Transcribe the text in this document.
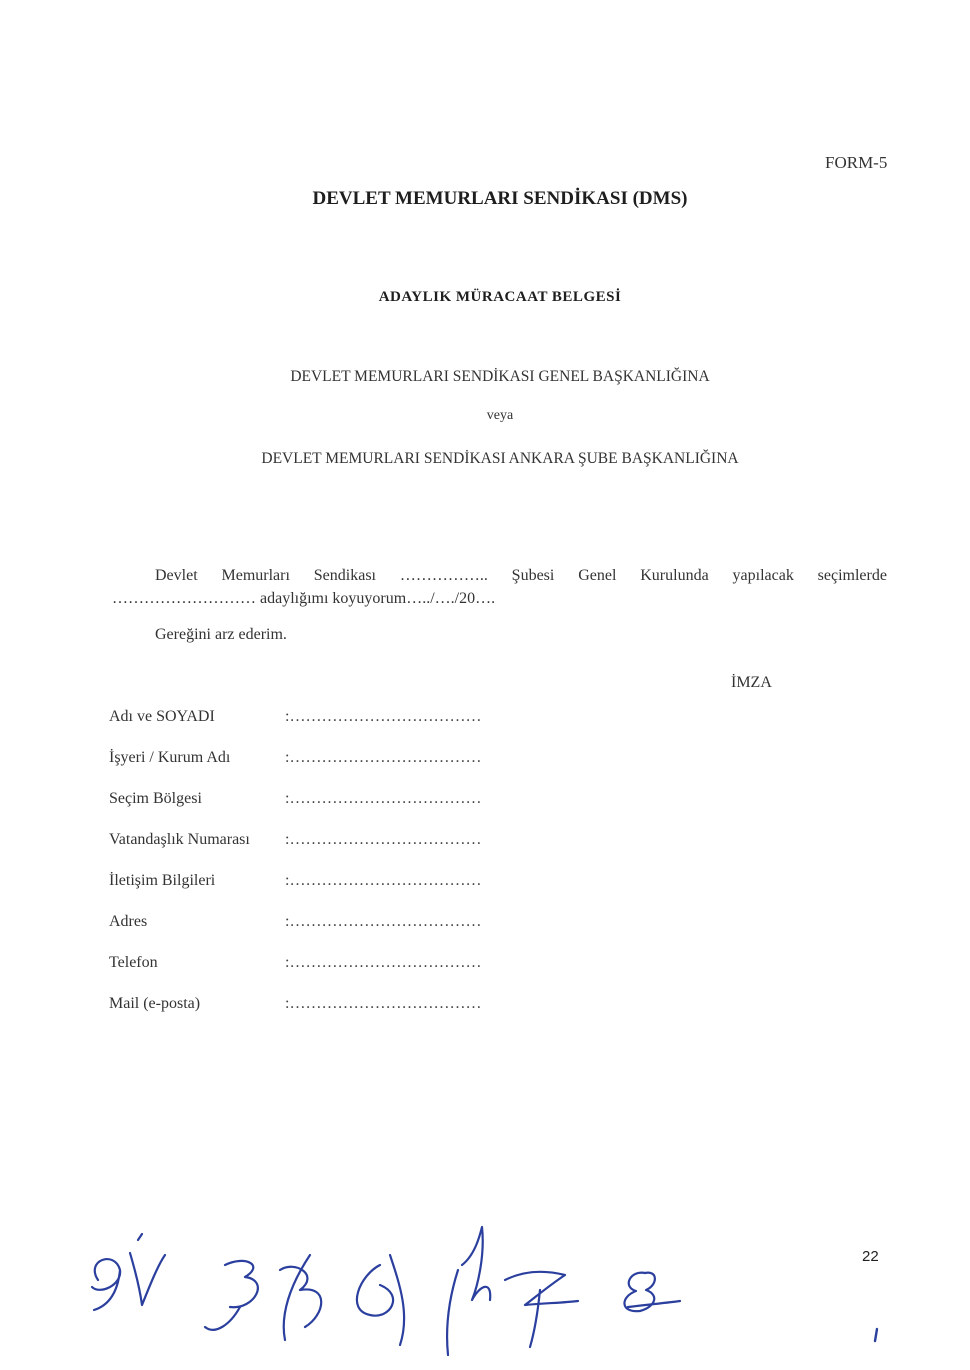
FORM-5
DEVLET MEMURLARI SENDİKASI (DMS)
ADAYLIK MÜRACAAT BELGESİ
DEVLET MEMURLARI SENDİKASI GENEL BAŞKANLIĞINA
veya
DEVLET MEMURLARI SENDİKASI ANKARA ŞUBE BAŞKANLIĞINA
Devlet Memurları Sendikası …………….. Şubesi Genel Kurulunda yapılacak seçimlerde
……………………… adaylığımı koyuyorum…../…./20….
Gereğini arz ederim.
İMZA
Adı ve SOYADI	:………………………………
İşyeri / Kurum Adı	:………………………………
Seçim Bölgesi	:………………………………
Vatandaşlık Numarası	:………………………………
İletişim Bilgileri	:………………………………
Adres	:………………………………
Telefon	:………………………………
Mail (e-posta)	:………………………………
22
